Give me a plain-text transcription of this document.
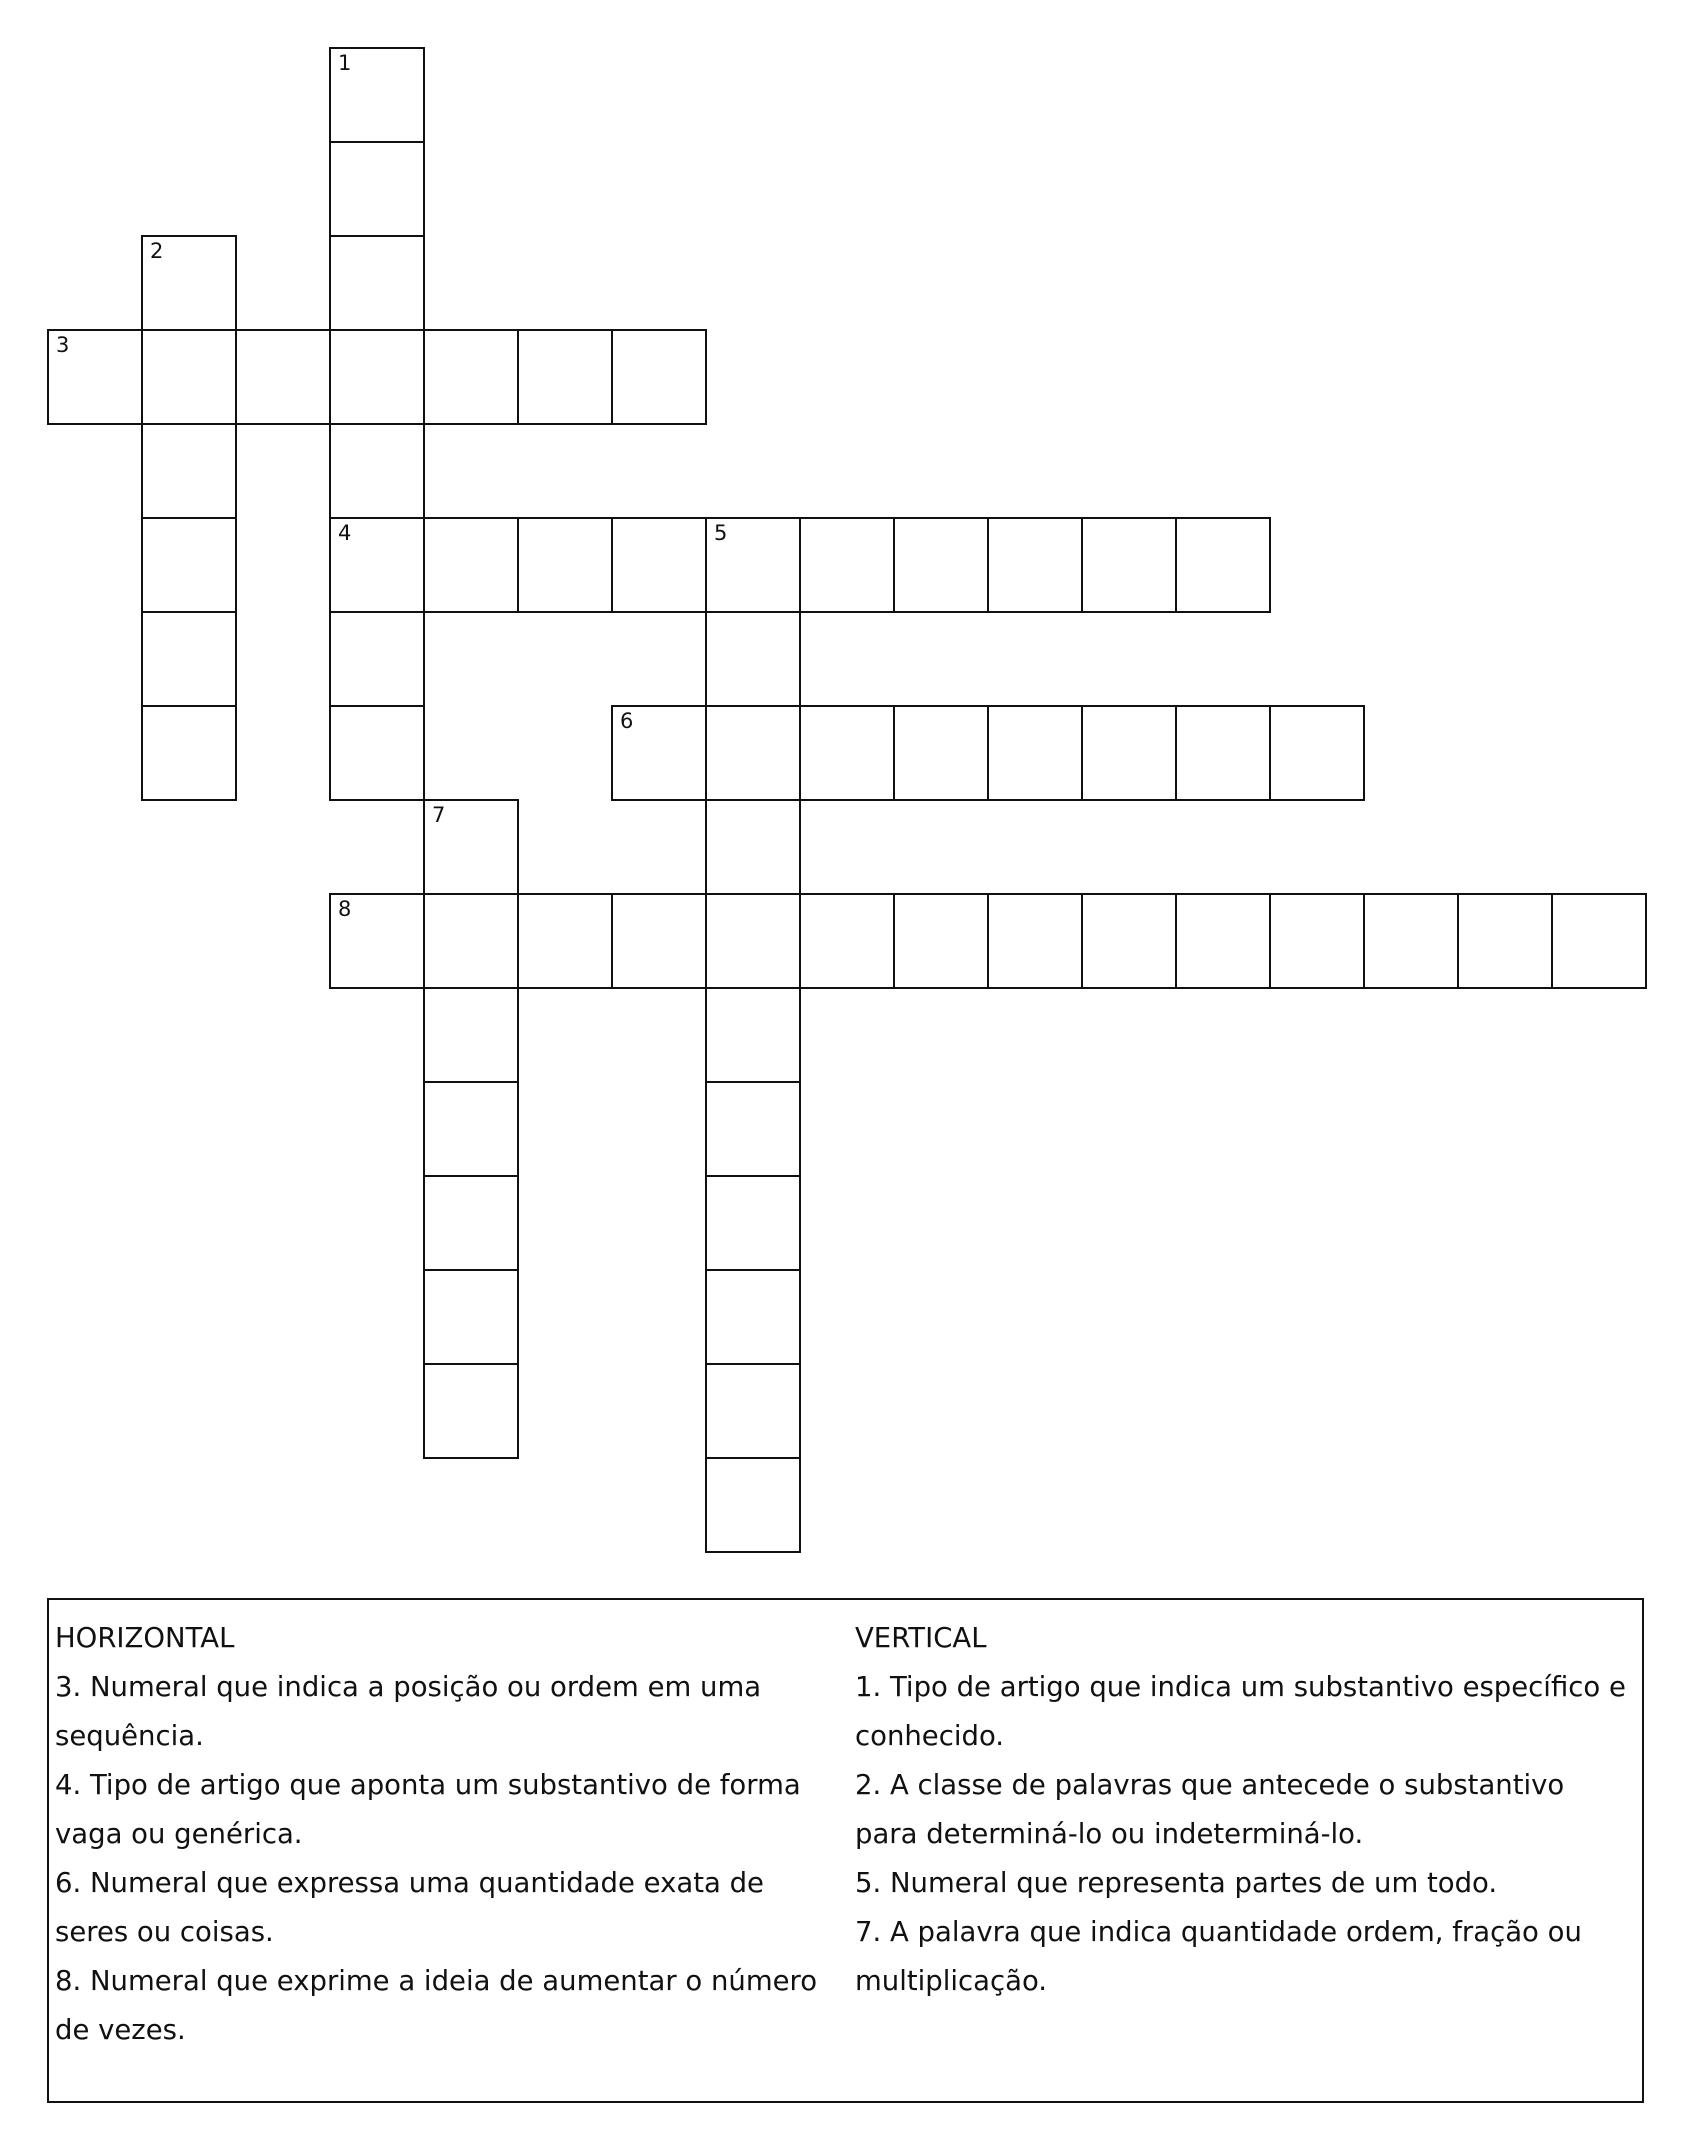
1
4
2
3
5
6
7
8

HORIZONTAL

3. Numeral que indica a posição ou ordem em uma sequência.

4. Tipo de artigo que aponta um substantivo de forma vaga ou genérica.

6. Numeral que expressa uma quantidade exata de seres ou coisas.

8. Numeral que exprime a ideia de aumentar o número de vezes.

VERTICAL

1. Tipo de artigo que indica um substantivo específico e conhecido.

2. A classe de palavras que antecede o substantivo para determiná-lo ou indeterminá-lo.

5. Numeral que representa partes de um todo.

7. A palavra que indica quantidade ordem, fração ou multiplicação.
